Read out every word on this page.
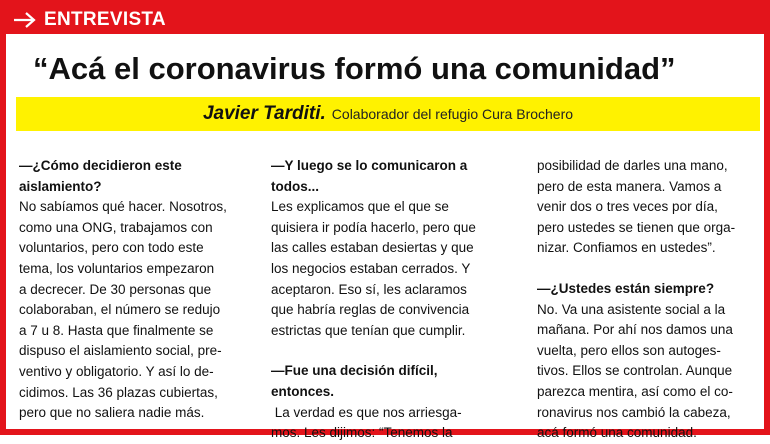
ENTREVISTA
“Acá el coronavirus formó una comunidad”
Javier Tarditi. Colaborador del refugio Cura Brochero

—¿Cómo decidieron este

aislamiento?

No sabíamos qué hacer. Nosotros,

como una ONG, trabajamos con

voluntarios, pero con todo este

tema, los voluntarios empezaron

a decrecer. De 30 personas que

colaboraban, el número se redujo

a 7 u 8. Hasta que finalmente se

dispuso el aislamiento social, pre-

ventivo y obligatorio. Y así lo de-

cidimos. Las 36 plazas cubiertas,

pero que no saliera nadie más.

—Y luego se lo comunicaron a

todos...

Les explicamos que el que se

quisiera ir podía hacerlo, pero que

las calles estaban desiertas y que

los negocios estaban cerrados. Y

aceptaron. Eso sí, les aclaramos

que habría reglas de convivencia

estrictas que tenían que cumplir.

—Fue una decisión difícil,

entonces.

La verdad es que nos arriesga-

mos. Les dijimos: “Tenemos la

posibilidad de darles una mano,

pero de esta manera. Vamos a

venir dos o tres veces por día,

pero ustedes se tienen que orga-

nizar. Confiamos en ustedes”.

—¿Ustedes están siempre?

No. Va una asistente social a la

mañana. Por ahí nos damos una

vuelta, pero ellos son autoges-

tivos. Ellos se controlan. Aunque

parezca mentira, así como el co-

ronavirus nos cambió la cabeza,

acá formó una comunidad.
